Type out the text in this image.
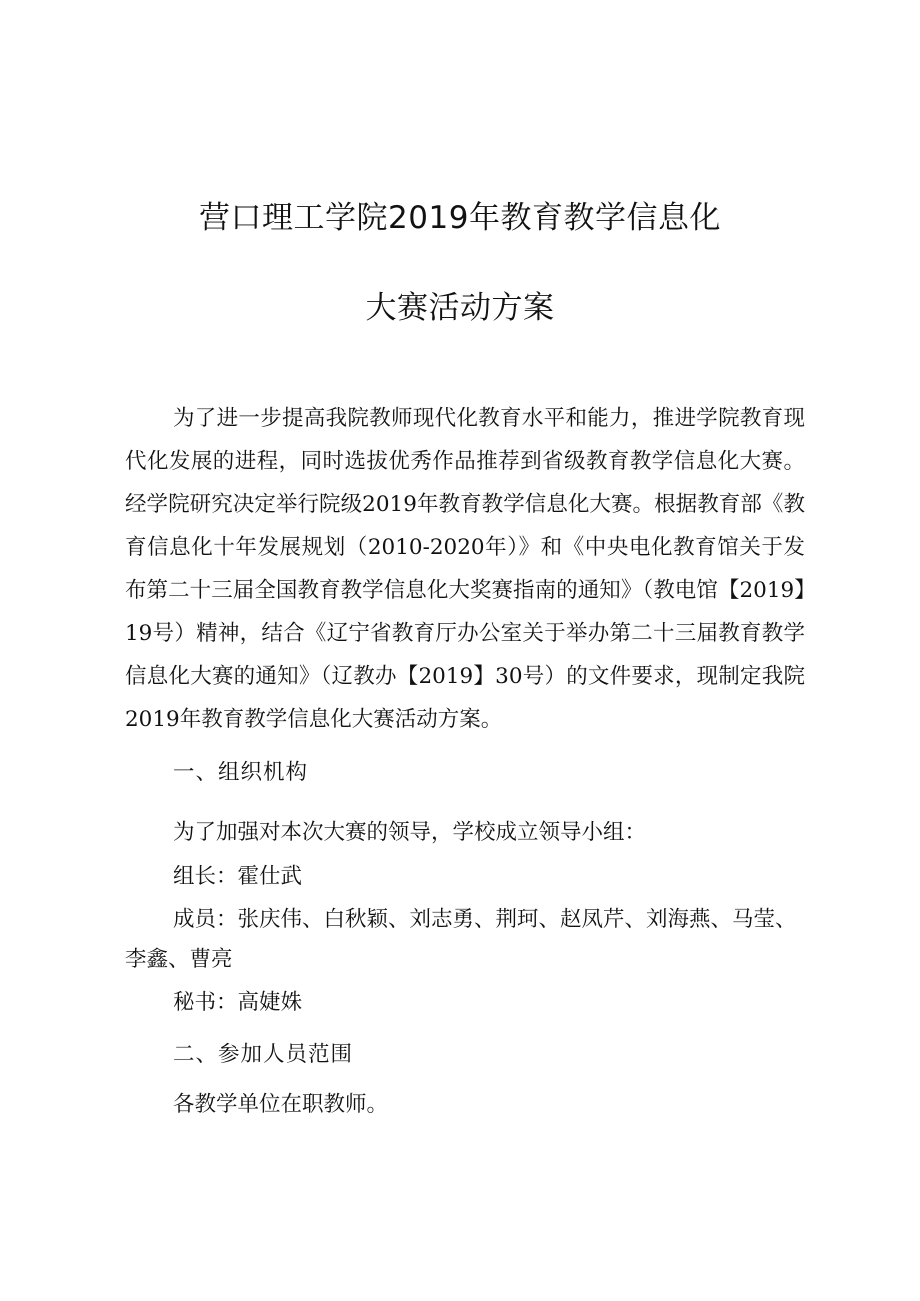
营口理工学院2019年教育教学信息化
大赛活动方案
为了进一步提高我院教师现代化教育水平和能力，推进学院教育现代化发展的进程，同时选拔优秀作品推荐到省级教育教学信息化大赛。经学院研究决定举行院级2019年教育教学信息化大赛。根据教育部《教育信息化十年发展规划（2010-2020年）》和《中央电化教育馆关于发布第二十三届全国教育教学信息化大奖赛指南的通知》（教电馆【2019】19号）精神，结合《辽宁省教育厅办公室关于举办第二十三届教育教学信息化大赛的通知》（辽教办【2019】30号）的文件要求，现制定我院2019年教育教学信息化大赛活动方案。
一、组织机构
为了加强对本次大赛的领导，学校成立领导小组：
组长：霍仕武
成员：张庆伟、白秋颖、刘志勇、荆珂、赵凤芹、刘海燕、马莹、
李鑫、曹亮
秘书：高婕姝
二、参加人员范围
各教学单位在职教师。
